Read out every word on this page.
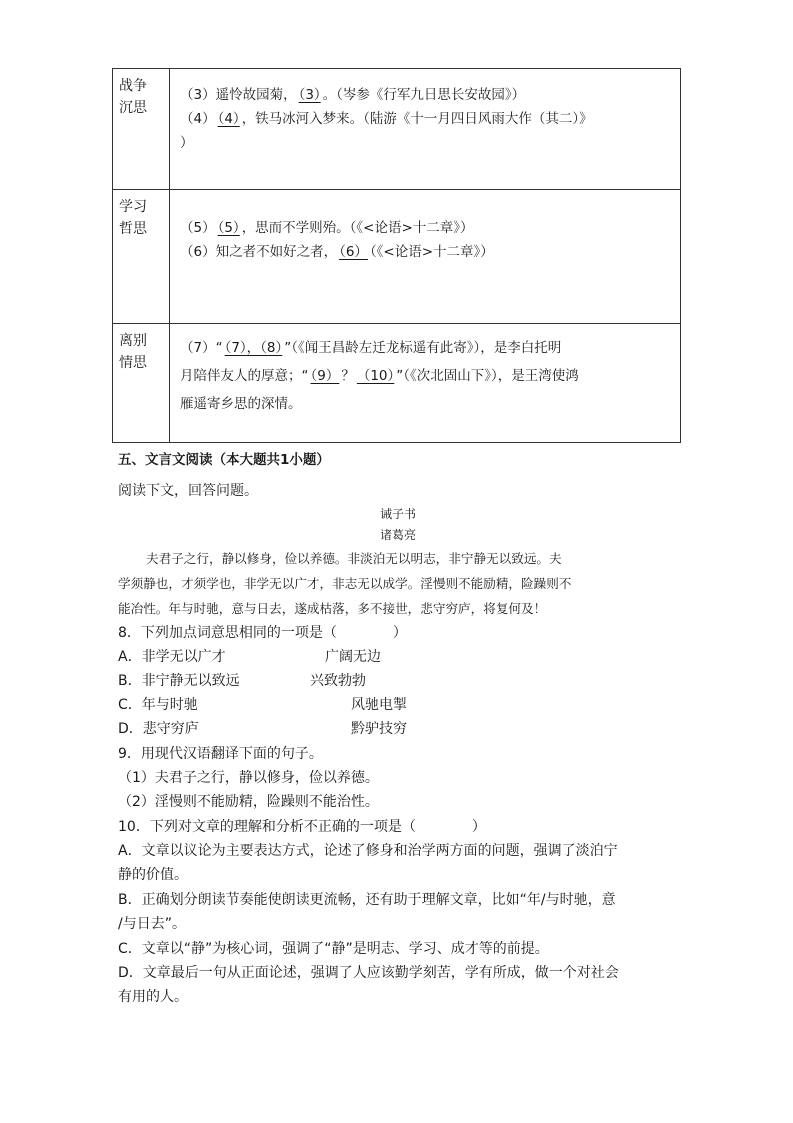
战争
沉思	（3）遥怜故园菊， （3） 。（岑参《行军九日思长安故园》）
（4） （4） ，铁马冰河入梦来。（陆游《十一月四日风雨大作（其二）》
）

学习
哲思	（5） （5） ，思而不学则殆。（《<论语>十二章》）
（6）知之者不如好之者， （6） （《<论语>十二章》）

离别
情思	（7）“ （7），（8） ”（《闻王昌龄左迁龙标遥有此寄》），是李白托明
月陪伴友人的厚意；“ （9） ？ （10） ”（《次北固山下》），是王湾使鸿
雁遥寄乡思的深情。
五、文言文阅读（本大题共1小题）
阅读下文，回答问题。
诫子书
诸葛亮
夫君子之行，静以修身，俭以养德。非淡泊无以明志，非宁静无以致远。夫
学须静也，才须学也，非学无以广才，非志无以成学。淫慢则不能励精，险躁则不
能冶性。年与时驰，意与日去，遂成枯落，多不接世，悲守穷庐，将复何及！
8．下列加点词意思相同的一项是（　　　　）
A．非学无以广才	广阔无边
B．非宁静无以致远	兴致勃勃
C．年与时驰	风驰电掣
D．悲守穷庐	黔驴技穷
9．用现代汉语翻译下面的句子。
（1）夫君子之行，静以修身，俭以养德。
（2）淫慢则不能励精，险躁则不能治性。
10．下列对文章的理解和分析不正确的一项是（　　　　）
A．文章以议论为主要表达方式，论述了修身和治学两方面的问题，强调了淡泊宁
静的价值。
B．正确划分朗读节奏能使朗读更流畅，还有助于理解文章，比如“年/与时驰，意
/与日去”。
C．文章以“静”为核心词，强调了“静”是明志、学习、成才等的前提。
D．文章最后一句从正面论述，强调了人应该勤学刻苦，学有所成，做一个对社会
有用的人。
